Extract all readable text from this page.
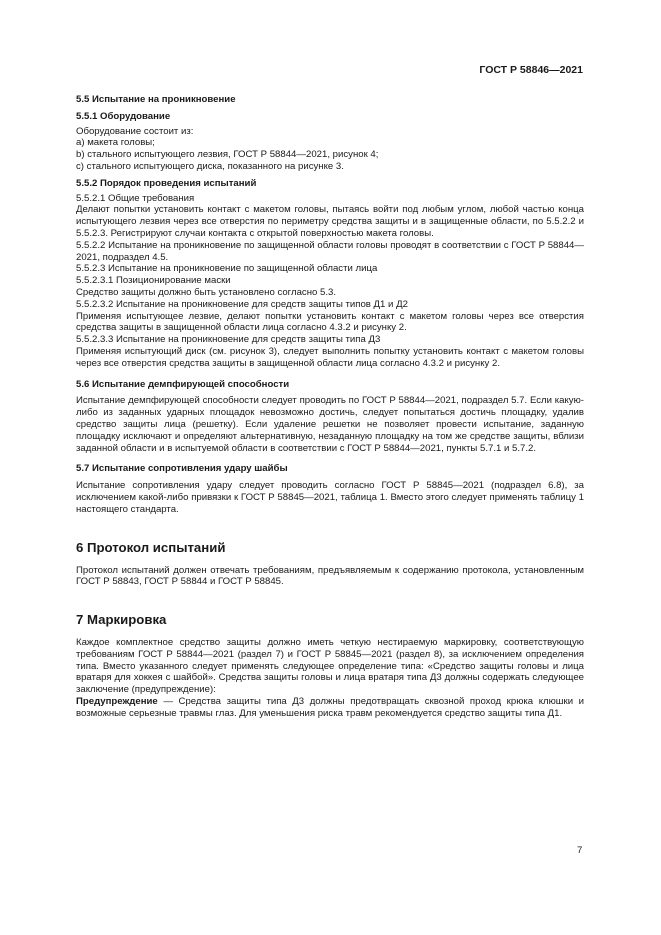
ГОСТ Р 58846—2021
5.5 Испытание на проникновение
5.5.1 Оборудование

Оборудование состоит из:

a) макета головы;

b) стального испытующего лезвия, ГОСТ Р 58844—2021, рисунок 4;

c) стального испытующего диска, показанного на рисунке 3.

5.5.2 Порядок проведения испытаний

5.5.2.1 Общие требования

Делают попытки установить контакт с макетом головы, пытаясь войти под любым углом, любой частью конца испытующего лезвия через все отверстия по периметру средства защиты и в защищенные области, по 5.5.2.2 и 5.5.2.3. Регистрируют случаи контакта с открытой поверхностью макета головы.

5.5.2.2 Испытание на проникновение по защищенной области головы проводят в соответствии с ГОСТ Р 58844—2021, подраздел 4.5.

5.5.2.3 Испытание на проникновение по защищенной области лица

5.5.2.3.1 Позиционирование маски

Средство защиты должно быть установлено согласно 5.3.

5.5.2.3.2 Испытание на проникновение для средств защиты типов Д1 и Д2

Применяя испытующее лезвие, делают попытки установить контакт с макетом головы через все отверстия средства защиты в защищенной области лица согласно 4.3.2 и рисунку 2.

5.5.2.3.3 Испытание на проникновение для средств защиты типа Д3

Применяя испытующий диск (см. рисунок 3), следует выполнить попытку установить контакт с макетом головы через все отверстия средства защиты в защищенной области лица согласно 4.3.2 и рисунку 2.

5.6 Испытание демпфирующей способности

Испытание демпфирующей способности следует проводить по ГОСТ Р 58844—2021, подраздел 5.7. Если какую-либо из заданных ударных площадок невозможно достичь, следует попытаться достичь площадку, удалив средство защиты лица (решетку). Если удаление решетки не позволяет провести испытание, заданную площадку исключают и определяют альтернативную, незаданную площадку на том же средстве защиты, вблизи заданной области и в испытуемой области в соответствии с ГОСТ Р 58844—2021, пункты 5.7.1 и 5.7.2.

5.7 Испытание сопротивления удару шайбы

Испытание сопротивления удару следует проводить согласно ГОСТ Р 58845—2021 (подраздел 6.8), за исключением какой-либо привязки к ГОСТ Р 58845—2021, таблица 1. Вместо этого следует применять таблицу 1 настоящего стандарта.

6 Протокол испытаний

Протокол испытаний должен отвечать требованиям, предъявляемым к содержанию протокола, установленным ГОСТ Р 58843, ГОСТ Р 58844 и ГОСТ Р 58845.

7 Маркировка

Каждое комплектное средство защиты должно иметь четкую нестираемую маркировку, соответствующую требованиям ГОСТ Р 58844—2021 (раздел 7) и ГОСТ Р 58845—2021 (раздел 8), за исключением определения типа. Вместо указанного следует применять следующее определение типа: «Средство защиты головы и лица вратаря для хоккея с шайбой». Средства защиты головы и лица вратаря типа Д3 должны содержать следующее заключение (предупреждение):

Предупреждение — Средства защиты типа Д3 должны предотвращать сквозной проход крюка клюшки и возможные серьезные травмы глаз. Для уменьшения риска травм рекомендуется средство защиты типа Д1.

7
